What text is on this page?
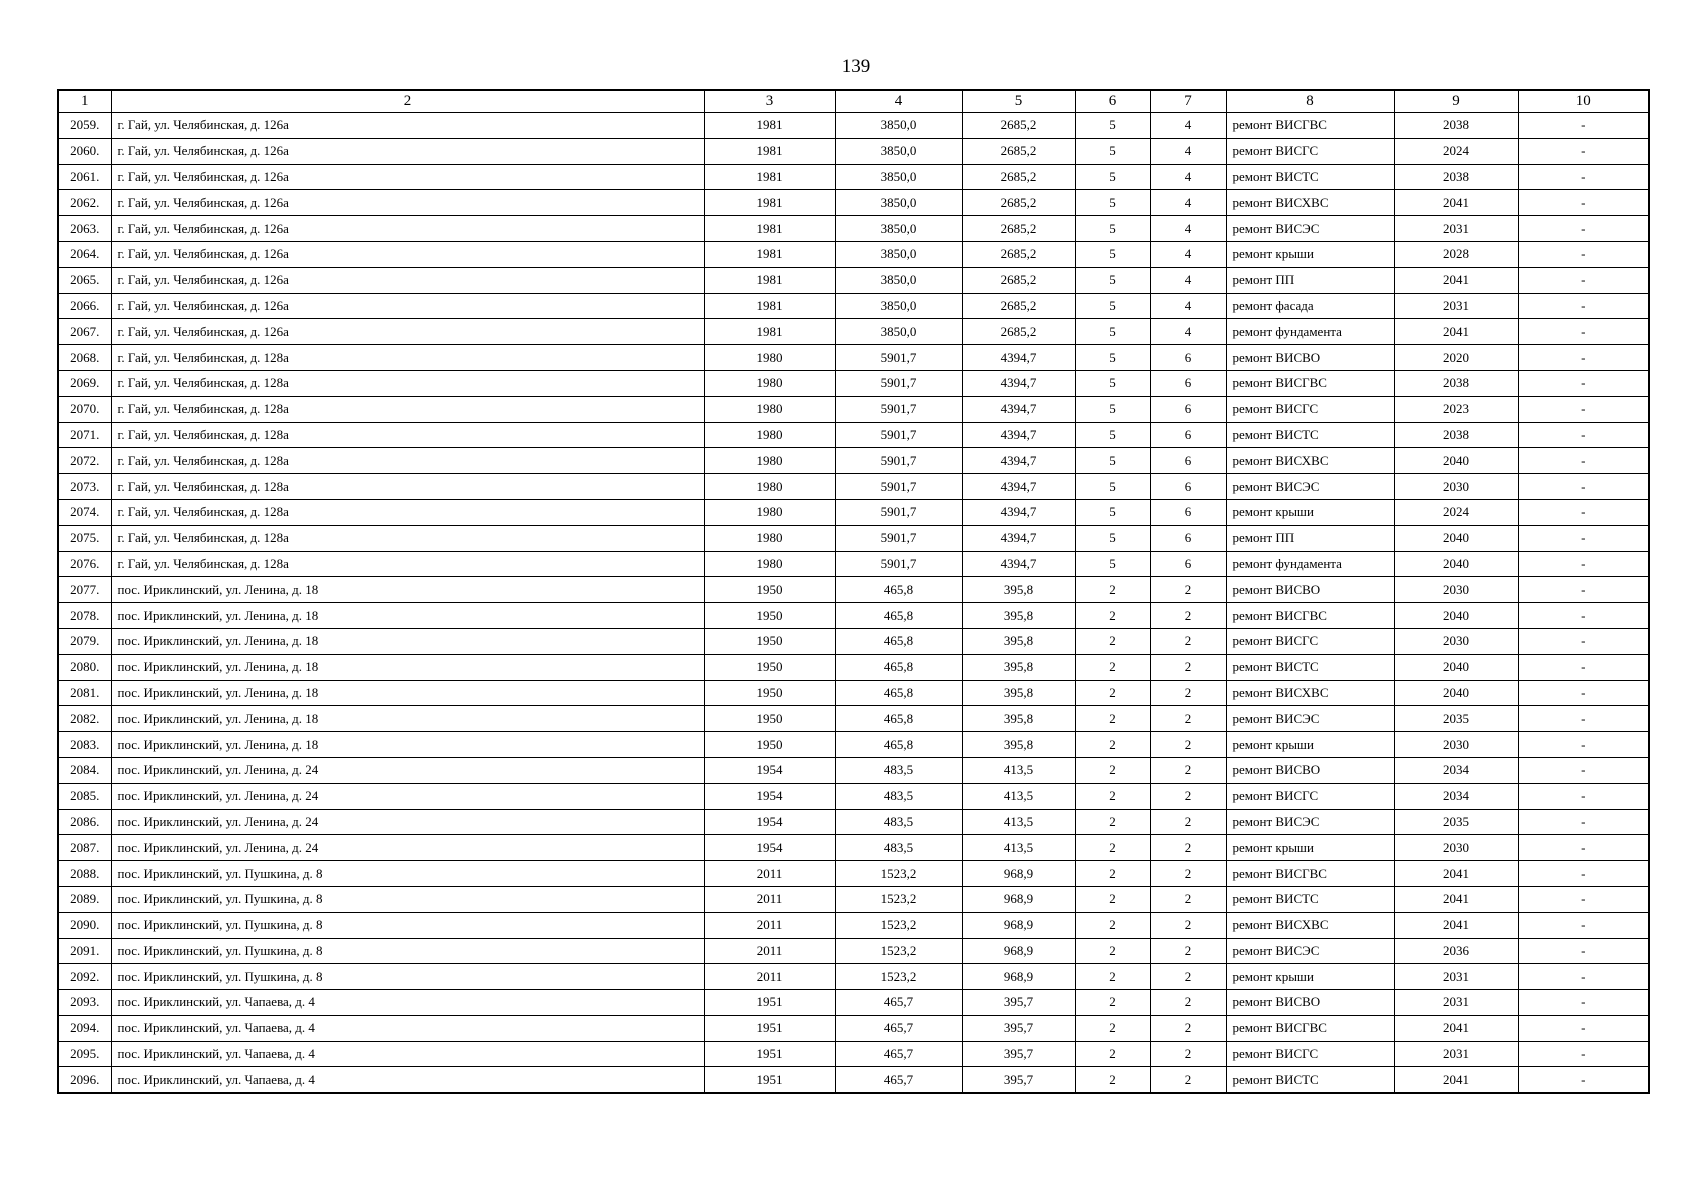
139
1	2	3	4	5	6	7	8	9	10
2059.	г. Гай, ул. Челябинская, д. 126а	1981	3850,0	2685,2	5	4	ремонт ВИСГВС	2038	-
2060.	г. Гай, ул. Челябинская, д. 126а	1981	3850,0	2685,2	5	4	ремонт ВИСГС	2024	-
2061.	г. Гай, ул. Челябинская, д. 126а	1981	3850,0	2685,2	5	4	ремонт ВИСТС	2038	-
2062.	г. Гай, ул. Челябинская, д. 126а	1981	3850,0	2685,2	5	4	ремонт ВИСХВС	2041	-
2063.	г. Гай, ул. Челябинская, д. 126а	1981	3850,0	2685,2	5	4	ремонт ВИСЭС	2031	-
2064.	г. Гай, ул. Челябинская, д. 126а	1981	3850,0	2685,2	5	4	ремонт крыши	2028	-
2065.	г. Гай, ул. Челябинская, д. 126а	1981	3850,0	2685,2	5	4	ремонт ПП	2041	-
2066.	г. Гай, ул. Челябинская, д. 126а	1981	3850,0	2685,2	5	4	ремонт фасада	2031	-
2067.	г. Гай, ул. Челябинская, д. 126а	1981	3850,0	2685,2	5	4	ремонт фундамента	2041	-
2068.	г. Гай, ул. Челябинская, д. 128а	1980	5901,7	4394,7	5	6	ремонт ВИСВО	2020	-
2069.	г. Гай, ул. Челябинская, д. 128а	1980	5901,7	4394,7	5	6	ремонт ВИСГВС	2038	-
2070.	г. Гай, ул. Челябинская, д. 128а	1980	5901,7	4394,7	5	6	ремонт ВИСГС	2023	-
2071.	г. Гай, ул. Челябинская, д. 128а	1980	5901,7	4394,7	5	6	ремонт ВИСТС	2038	-
2072.	г. Гай, ул. Челябинская, д. 128а	1980	5901,7	4394,7	5	6	ремонт ВИСХВС	2040	-
2073.	г. Гай, ул. Челябинская, д. 128а	1980	5901,7	4394,7	5	6	ремонт ВИСЭС	2030	-
2074.	г. Гай, ул. Челябинская, д. 128а	1980	5901,7	4394,7	5	6	ремонт крыши	2024	-
2075.	г. Гай, ул. Челябинская, д. 128а	1980	5901,7	4394,7	5	6	ремонт ПП	2040	-
2076.	г. Гай, ул. Челябинская, д. 128а	1980	5901,7	4394,7	5	6	ремонт фундамента	2040	-
2077.	пос. Ириклинский, ул. Ленина, д. 18	1950	465,8	395,8	2	2	ремонт ВИСВО	2030	-
2078.	пос. Ириклинский, ул. Ленина, д. 18	1950	465,8	395,8	2	2	ремонт ВИСГВС	2040	-
2079.	пос. Ириклинский, ул. Ленина, д. 18	1950	465,8	395,8	2	2	ремонт ВИСГС	2030	-
2080.	пос. Ириклинский, ул. Ленина, д. 18	1950	465,8	395,8	2	2	ремонт ВИСТС	2040	-
2081.	пос. Ириклинский, ул. Ленина, д. 18	1950	465,8	395,8	2	2	ремонт ВИСХВС	2040	-
2082.	пос. Ириклинский, ул. Ленина, д. 18	1950	465,8	395,8	2	2	ремонт ВИСЭС	2035	-
2083.	пос. Ириклинский, ул. Ленина, д. 18	1950	465,8	395,8	2	2	ремонт крыши	2030	-
2084.	пос. Ириклинский, ул. Ленина, д. 24	1954	483,5	413,5	2	2	ремонт ВИСВО	2034	-
2085.	пос. Ириклинский, ул. Ленина, д. 24	1954	483,5	413,5	2	2	ремонт ВИСГС	2034	-
2086.	пос. Ириклинский, ул. Ленина, д. 24	1954	483,5	413,5	2	2	ремонт ВИСЭС	2035	-
2087.	пос. Ириклинский, ул. Ленина, д. 24	1954	483,5	413,5	2	2	ремонт крыши	2030	-
2088.	пос. Ириклинский, ул. Пушкина, д. 8	2011	1523,2	968,9	2	2	ремонт ВИСГВС	2041	-
2089.	пос. Ириклинский, ул. Пушкина, д. 8	2011	1523,2	968,9	2	2	ремонт ВИСТС	2041	-
2090.	пос. Ириклинский, ул. Пушкина, д. 8	2011	1523,2	968,9	2	2	ремонт ВИСХВС	2041	-
2091.	пос. Ириклинский, ул. Пушкина, д. 8	2011	1523,2	968,9	2	2	ремонт ВИСЭС	2036	-
2092.	пос. Ириклинский, ул. Пушкина, д. 8	2011	1523,2	968,9	2	2	ремонт крыши	2031	-
2093.	пос. Ириклинский, ул. Чапаева, д. 4	1951	465,7	395,7	2	2	ремонт ВИСВО	2031	-
2094.	пос. Ириклинский, ул. Чапаева, д. 4	1951	465,7	395,7	2	2	ремонт ВИСГВС	2041	-
2095.	пос. Ириклинский, ул. Чапаева, д. 4	1951	465,7	395,7	2	2	ремонт ВИСГС	2031	-
2096.	пос. Ириклинский, ул. Чапаева, д. 4	1951	465,7	395,7	2	2	ремонт ВИСТС	2041	-
